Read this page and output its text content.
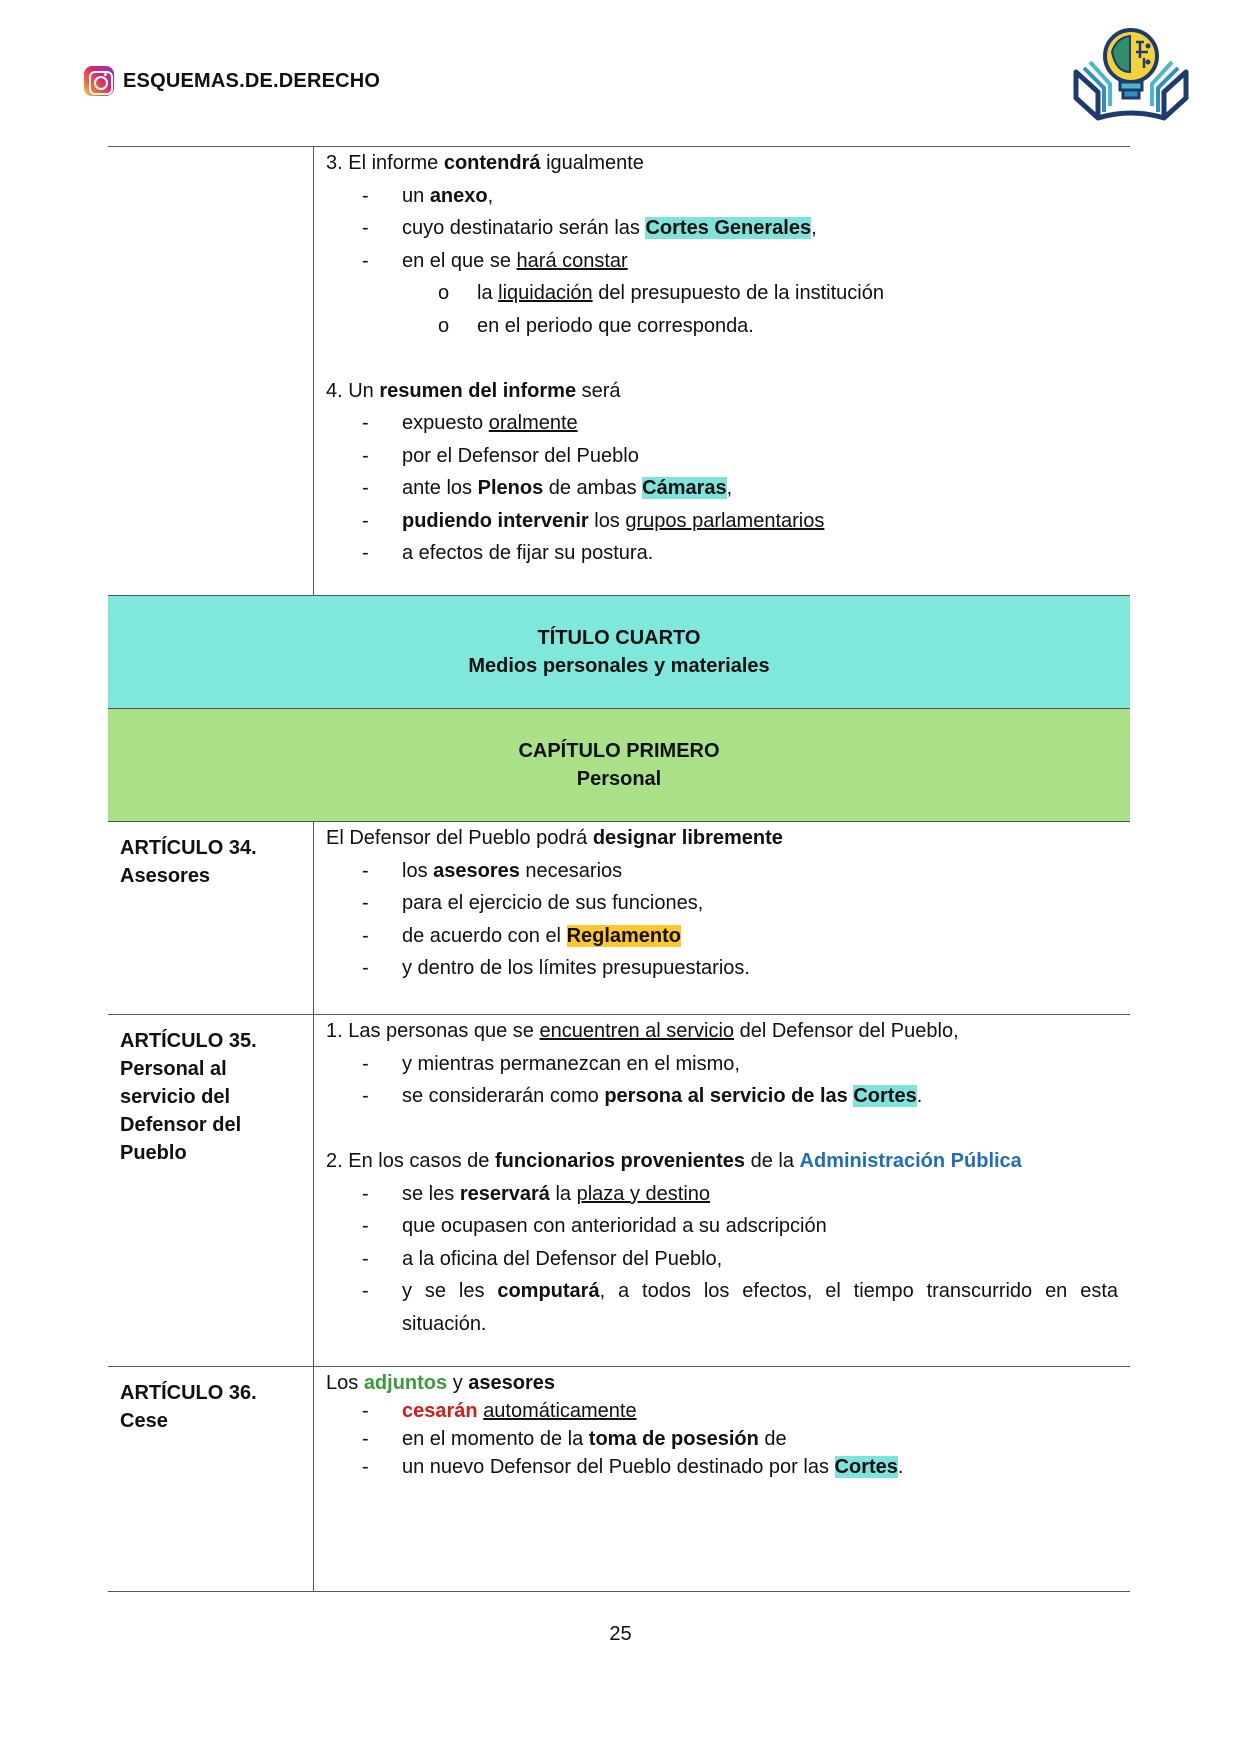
ESQUEMAS.DE.DERECHO
3. El informe contendrá igualmente
- un anexo,
- cuyo destinatario serán las Cortes Generales,
- en el que se hará constar
o la liquidación del presupuesto de la institución
o en el periodo que corresponda.
4. Un resumen del informe será
- expuesto oralmente
- por el Defensor del Pueblo
- ante los Plenos de ambas Cámaras,
- pudiendo intervenir los grupos parlamentarios
- a efectos de fijar su postura.
TÍTULO CUARTO
Medios personales y materiales
CAPÍTULO PRIMERO
Personal
ARTÍCULO 34.
Asesores
El Defensor del Pueblo podrá designar libremente
- los asesores necesarios
- para el ejercicio de sus funciones,
- de acuerdo con el Reglamento
- y dentro de los límites presupuestarios.
ARTÍCULO 35.
Personal al
servicio del
Defensor del
Pueblo
1. Las personas que se encuentren al servicio del Defensor del Pueblo,
- y mientras permanezcan en el mismo,
- se considerarán como persona al servicio de las Cortes.
2. En los casos de funcionarios provenientes de la Administración Pública
- se les reservará la plaza y destino
- que ocupasen con anterioridad a su adscripción
- a la oficina del Defensor del Pueblo,
- y se les computará, a todos los efectos, el tiempo transcurrido en esta
situación.
ARTÍCULO 36.
Cese
Los adjuntos y asesores
- cesarán automáticamente
- en el momento de la toma de posesión de
- un nuevo Defensor del Pueblo destinado por las Cortes.
25
